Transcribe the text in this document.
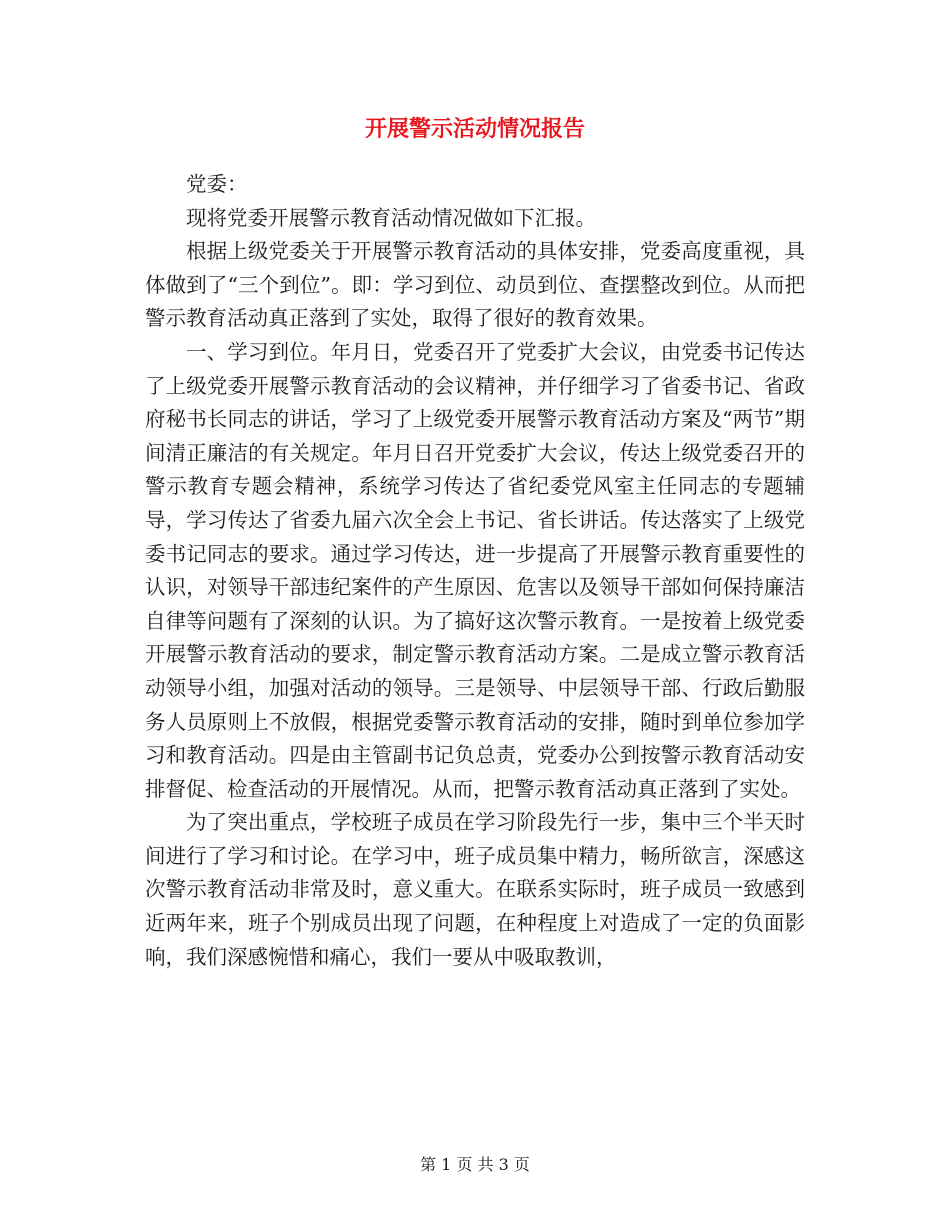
开展警示活动情况报告

党委：

现将党委开展警示教育活动情况做如下汇报。

根据上级党委关于开展警示教育活动的具体安排，党委高度重视，具体做到了“三个到位”。即：学习到位、动员到位、查摆整改到位。从而把警示教育活动真正落到了实处，取得了很好的教育效果。

一、学习到位。年月日，党委召开了党委扩大会议，由党委书记传达了上级党委开展警示教育活动的会议精神，并仔细学习了省委书记、省政府秘书长同志的讲话，学习了上级党委开展警示教育活动方案及“两节”期间清正廉洁的有关规定。年月日召开党委扩大会议，传达上级党委召开的警示教育专题会精神，系统学习传达了省纪委党风室主任同志的专题辅导，学习传达了省委九届六次全会上书记、省长讲话。传达落实了上级党委书记同志的要求。通过学习传达，进一步提高了开展警示教育重要性的认识，对领导干部违纪案件的产生原因、危害以及领导干部如何保持廉洁自律等问题有了深刻的认识。为了搞好这次警示教育。一是按着上级党委开展警示教育活动的要求，制定警示教育活动方案。二是成立警示教育活动领导小组，加强对活动的领导。三是领导、中层领导干部、行政后勤服务人员原则上不放假，根据党委警示教育活动的安排，随时到单位参加学习和教育活动。四是由主管副书记负总责，党委办公到按警示教育活动安排督促、检查活动的开展情况。从而，把警示教育活动真正落到了实处。

为了突出重点，学校班子成员在学习阶段先行一步，集中三个半天时间进行了学习和讨论。在学习中，班子成员集中精力，畅所欲言，深感这次警示教育活动非常及时，意义重大。在联系实际时，班子成员一致感到近两年来，班子个别成员出现了问题，在种程度上对造成了一定的负面影响，我们深感惋惜和痛心，我们一要从中吸取教训，

第 1 页 共 3 页
